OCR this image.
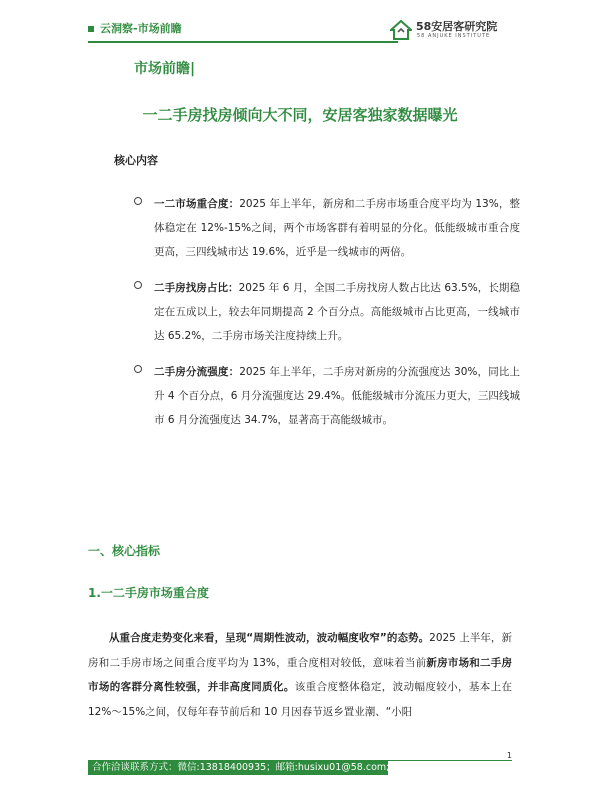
云洞察-市场前瞻	58安居客研究院
58 ANJUKE INSTITUTE
市场前瞻|
一二手房找房倾向大不同，安居客独家数据曝光
核心内容

一二市场重合度：2025 年上半年，新房和二手房市场重合度平均为 13%，整体稳定在 12%-15%之间，两个市场客群有着明显的分化。低能级城市重合度更高，三四线城市达 19.6%，近乎是一线城市的两倍。

二手房找房占比：2025 年 6 月，全国二手房找房人数占比达 63.5%，长期稳定在五成以上，较去年同期提高 2 个百分点。高能级城市占比更高，一线城市达 65.2%，二手房市场关注度持续上升。

二手房分流强度：2025 年上半年，二手房对新房的分流强度达 30%，同比上升 4 个百分点，6 月分流强度达 29.4%。低能级城市分流压力更大，三四线城市 6 月分流强度达 34.7%，显著高于高能级城市。

一、核心指标
1.一二手房市场重合度

从重合度走势变化来看，呈现“周期性波动，波动幅度收窄”的态势。2025 上半年，新房和二手房市场之间重合度平均为 13%，重合度相对较低，意味着当前新房市场和二手房市场的客群分离性较强，并非高度同质化。该重合度整体稳定，波动幅度较小，基本上在 12%～15%之间，仅每年春节前后和 10 月因春节返乡置业潮、“小阳

合作洽谈联系方式：微信:13818400935；邮箱:husixu01@58.com;
1
